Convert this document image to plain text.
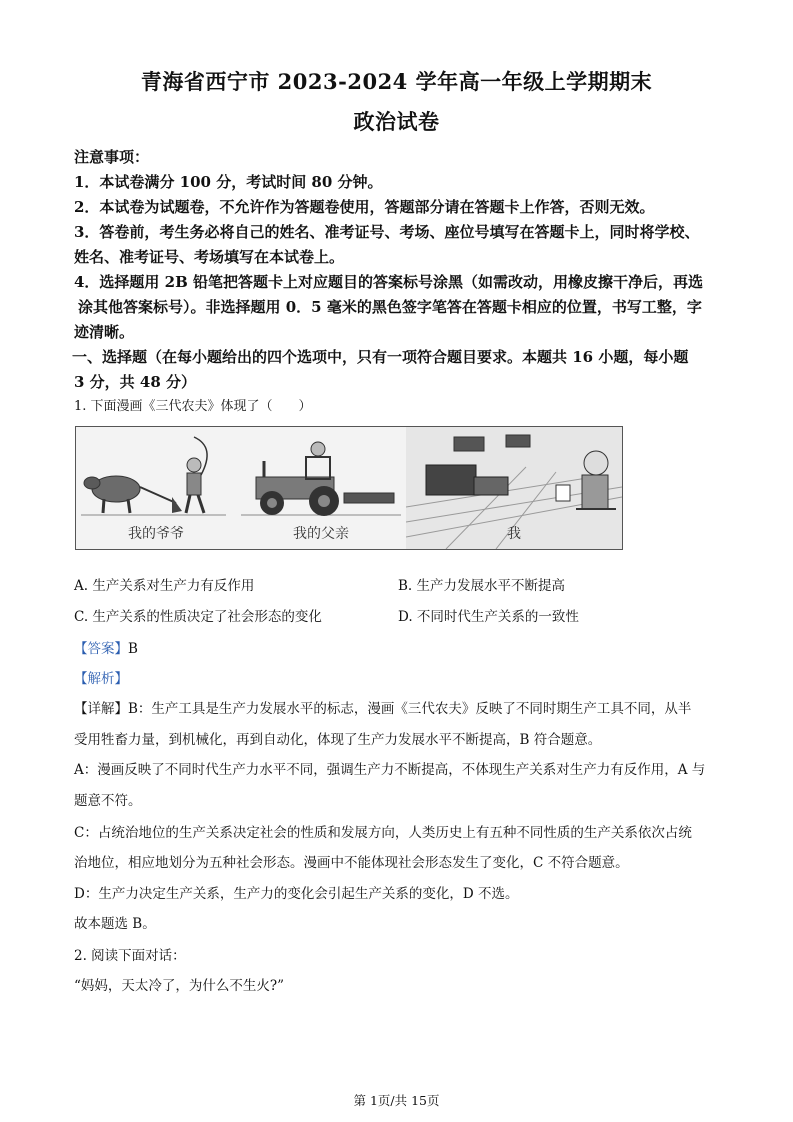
青海省西宁市 2023-2024 学年高一年级上学期期末
政治试卷
注意事项：
1．本试卷满分 100 分，考试时间 80 分钟。
2．本试卷为试题卷，不允许作为答题卷使用，答题部分请在答题卡上作答，否则无效。
3．答卷前，考生务必将自己的姓名、准考证号、考场、座位号填写在答题卡上，同时将学校、
姓名、准考证号、考场填写在本试卷上。
4．选择题用 2B 铅笔把答题卡上对应题目的答案标号涂黑（如需改动，用橡皮擦干净后，再选
涂其他答案标号）。非选择题用 0．5 毫米的黑色签字笔答在答题卡相应的位置，书写工整，字
迹清晰。
一、选择题（在每小题给出的四个选项中，只有一项符合题目要求。本题共 16 小题，每小题
3 分，共 48 分）
1. 下面漫画《三代农夫》体现了（　　）
我的爷爷	我的父亲	我
A. 生产关系对生产力有反作用	B. 生产力发展水平不断提高
C. 生产关系的性质决定了社会形态的变化	D. 不同时代生产关系的一致性
【答案】B
【解析】
【详解】B：生产工具是生产力发展水平的标志，漫画《三代农夫》反映了不同时期生产工具不同，从半
受用牲畜力量，到机械化，再到自动化，体现了生产力发展水平不断提高，B 符合题意。
A：漫画反映了不同时代生产力水平不同，强调生产力不断提高，不体现生产关系对生产力有反作用，A 与
题意不符。
C：占统治地位的生产关系决定社会的性质和发展方向，人类历史上有五种不同性质的生产关系依次占统
治地位，相应地划分为五种社会形态。漫画中不能体现社会形态发生了变化，C 不符合题意。
D：生产力决定生产关系，生产力的变化会引起生产关系的变化，D 不选。
故本题选 B。
2. 阅读下面对话：
“妈妈，天太冷了，为什么不生火?”
第 1页/共 15页
